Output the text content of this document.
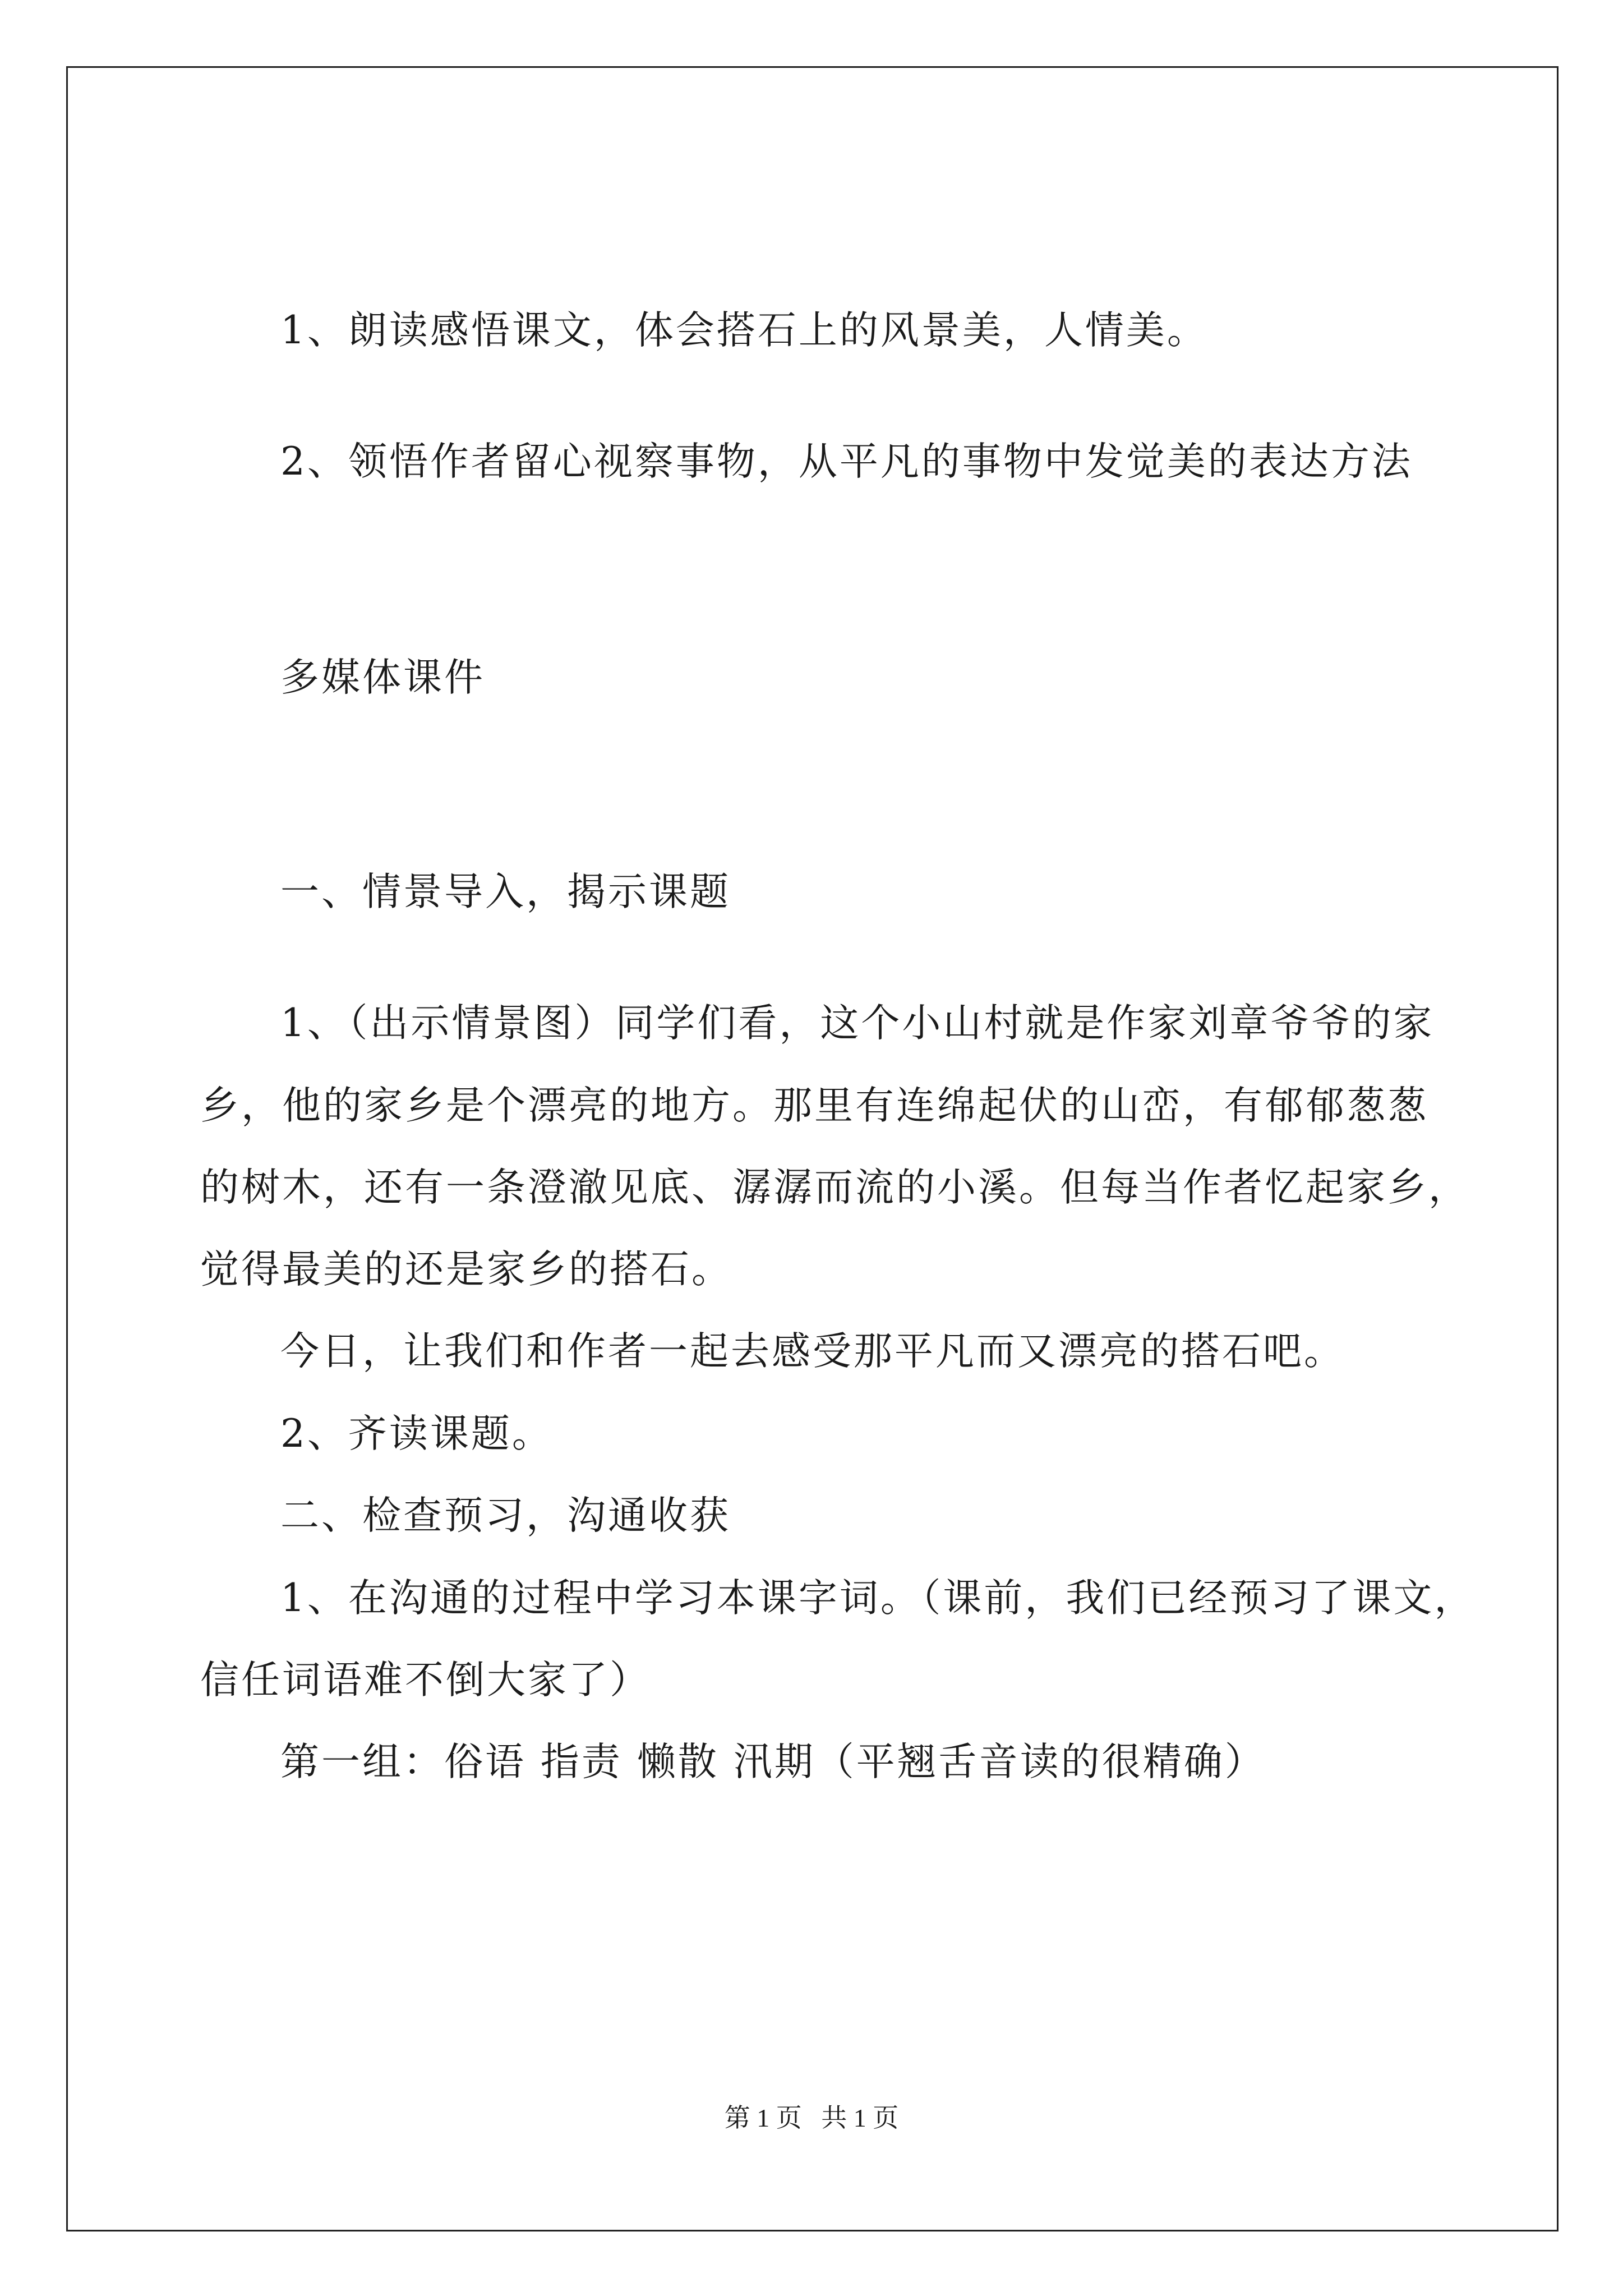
1、朗读感悟课文，体会搭石上的风景美，人情美。

2、领悟作者留心视察事物，从平凡的事物中发觉美的表达方法

多媒体课件

一、情景导入，揭示课题

1、（出示情景图）同学们看，这个小山村就是作家刘章爷爷的家

乡，他的家乡是个漂亮的地方。那里有连绵起伏的山峦，有郁郁葱葱

的树木，还有一条澄澈见底、潺潺而流的小溪。但每当作者忆起家乡，

觉得最美的还是家乡的搭石。

今日，让我们和作者一起去感受那平凡而又漂亮的搭石吧。

2、齐读课题。

二、检查预习，沟通收获

1、在沟通的过程中学习本课字词。（课前，我们已经预习了课文，

信任词语难不倒大家了）

第一组：俗语 指责 懒散 汛期（平翘舌音读的很精确）

第 1 页   共 1 页
